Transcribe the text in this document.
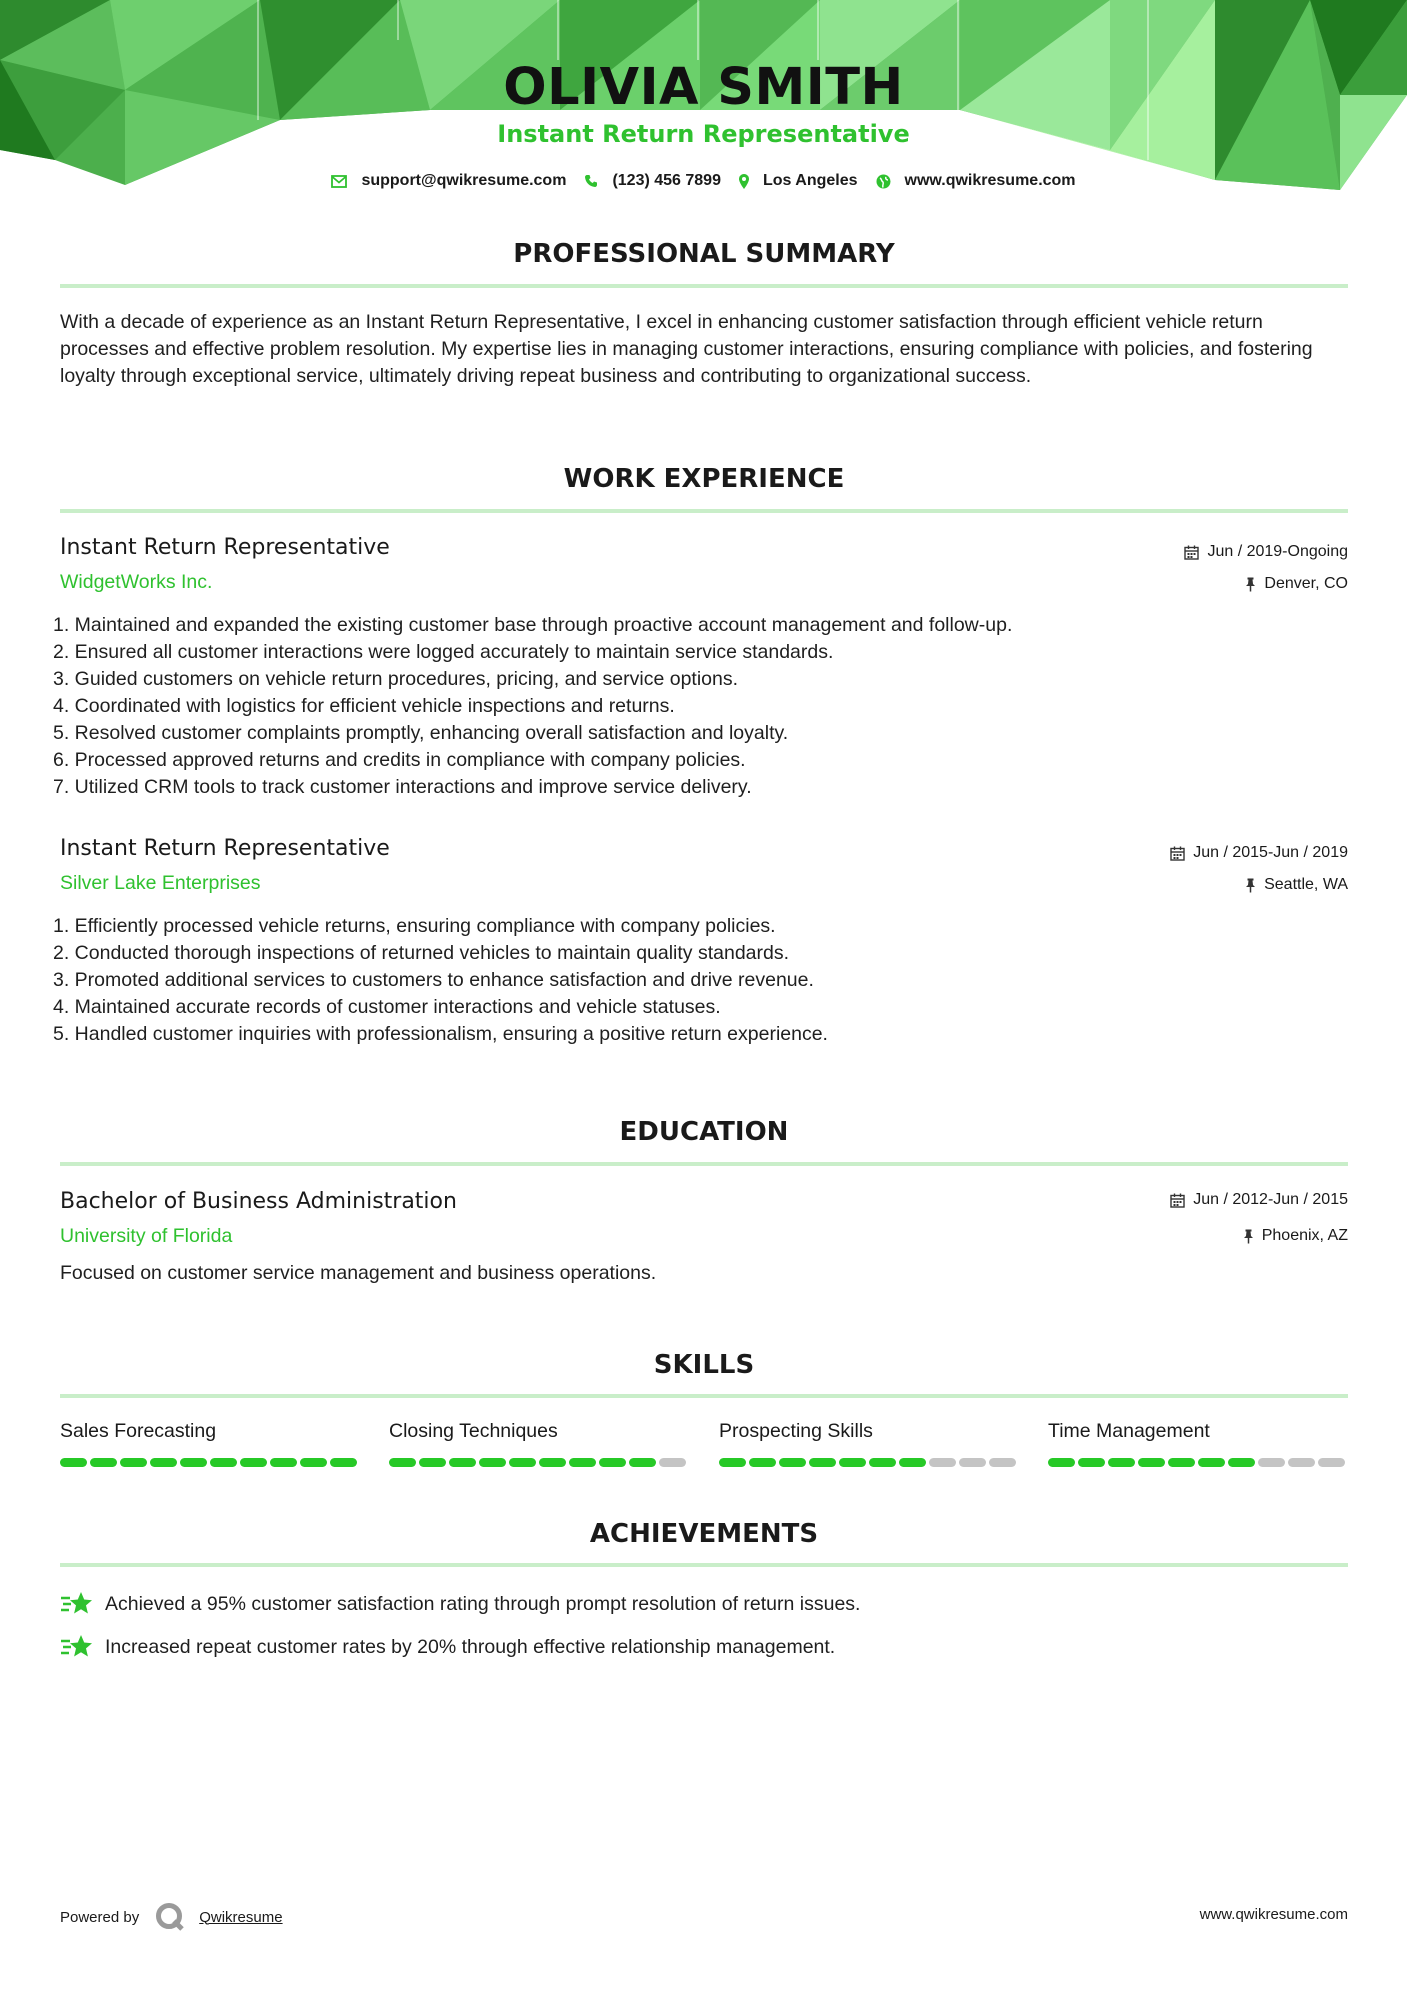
OLIVIA SMITH
Instant Return Representative
support@qwikresume.com	(123) 456 7899	Los Angeles	www.qwikresume.com
PROFESSIONAL SUMMARY
With a decade of experience as an Instant Return Representative, I excel in enhancing customer satisfaction through efficient vehicle return processes and effective problem resolution. My expertise lies in managing customer interactions, ensuring compliance with policies, and fostering loyalty through exceptional service, ultimately driving repeat business and contributing to organizational success.
WORK EXPERIENCE
Instant Return Representative
WidgetWorks Inc.
Jun / 2019-Ongoing
Denver, CO
1. Maintained and expanded the existing customer base through proactive account management and follow-up.
2. Ensured all customer interactions were logged accurately to maintain service standards.
3. Guided customers on vehicle return procedures, pricing, and service options.
4. Coordinated with logistics for efficient vehicle inspections and returns.
5. Resolved customer complaints promptly, enhancing overall satisfaction and loyalty.
6. Processed approved returns and credits in compliance with company policies.
7. Utilized CRM tools to track customer interactions and improve service delivery.
Instant Return Representative
Silver Lake Enterprises
Jun / 2015-Jun / 2019
Seattle, WA
1. Efficiently processed vehicle returns, ensuring compliance with company policies.
2. Conducted thorough inspections of returned vehicles to maintain quality standards.
3. Promoted additional services to customers to enhance satisfaction and drive revenue.
4. Maintained accurate records of customer interactions and vehicle statuses.
5. Handled customer inquiries with professionalism, ensuring a positive return experience.
EDUCATION
Bachelor of Business Administration
University of Florida
Jun / 2012-Jun / 2015
Phoenix, AZ
Focused on customer service management and business operations.
SKILLS
Sales Forecasting	Closing Techniques	Prospecting Skills	Time Management
ACHIEVEMENTS
Achieved a 95% customer satisfaction rating through prompt resolution of return issues.
Increased repeat customer rates by 20% through effective relationship management.
Powered by	Qwikresume	www.qwikresume.com
